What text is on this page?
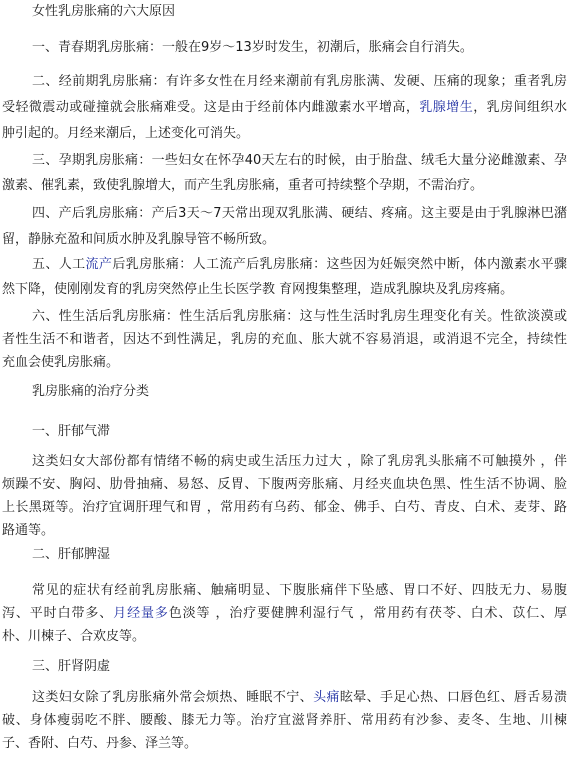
女性乳房胀痛的六大原因
一、青春期乳房胀痛：一般在9岁～13岁时发生，初潮后，胀痛会自行消失。
二、经前期乳房胀痛：有许多女性在月经来潮前有乳房胀满、发硬、压痛的现象；重者乳房
受轻微震动或碰撞就会胀痛难受。这是由于经前体内雌激素水平增高，乳腺增生，乳房间组织水
肿引起的。月经来潮后，上述变化可消失。
三、孕期乳房胀痛：一些妇女在怀孕40天左右的时候，由于胎盘、绒毛大量分泌雌激素、孕
激素、催乳素，致使乳腺增大，而产生乳房胀痛，重者可持续整个孕期，不需治疗。
四、产后乳房胀痛：产后3天～7天常出现双乳胀满、硬结、疼痛。这主要是由于乳腺淋巴潴
留，静脉充盈和间质水肿及乳腺导管不畅所致。
五、人工流产后乳房胀痛：人工流产后乳房胀痛：这些因为妊娠突然中断，体内激素水平骤
然下降，使刚刚发育的乳房突然停止生长医学教 育网搜集整理，造成乳腺块及乳房疼痛。
六、性生活后乳房胀痛：性生活后乳房胀痛：这与性生活时乳房生理变化有关。性欲淡漠或
者性生活不和谐者，因达不到性满足，乳房的充血、胀大就不容易消退，或消退不完全，持续性
充血会使乳房胀痛。
乳房胀痛的治疗分类
一、肝郁气滞
这类妇女大部份都有情绪不畅的病史或生活压力过大 ，除了乳房乳头胀痛不可触摸外 ，伴
烦躁不安、胸闷、肋骨抽痛、易怒、反胃、下腹两旁胀痛、月经夹血块色黑、性生活不协调、脸
上长黑斑等。治疗宜调肝理气和胃 ，常用药有乌药、郁金、佛手、白芍、青皮、白术、麦芽、路
路通等。
二、肝郁脾湿
常见的症状有经前乳房胀痛、触痛明显、下腹胀痛伴下坠感、胃口不好、四肢无力、易腹
泻、平时白带多、月经量多色淡等 ，治疗要健脾利湿行气 ，常用药有茯苓、白术、苡仁、厚
朴、川楝子、合欢皮等。
三、肝肾阴虚
这类妇女除了乳房胀痛外常会烦热、睡眠不宁、头痛眩晕、手足心热、口唇色红、唇舌易溃
破、身体瘦弱吃不胖、腰酸、膝无力等。治疗宜滋肾养肝、常用药有沙参、麦冬、生地、川楝
子、香附、白芍、丹参、泽兰等。
